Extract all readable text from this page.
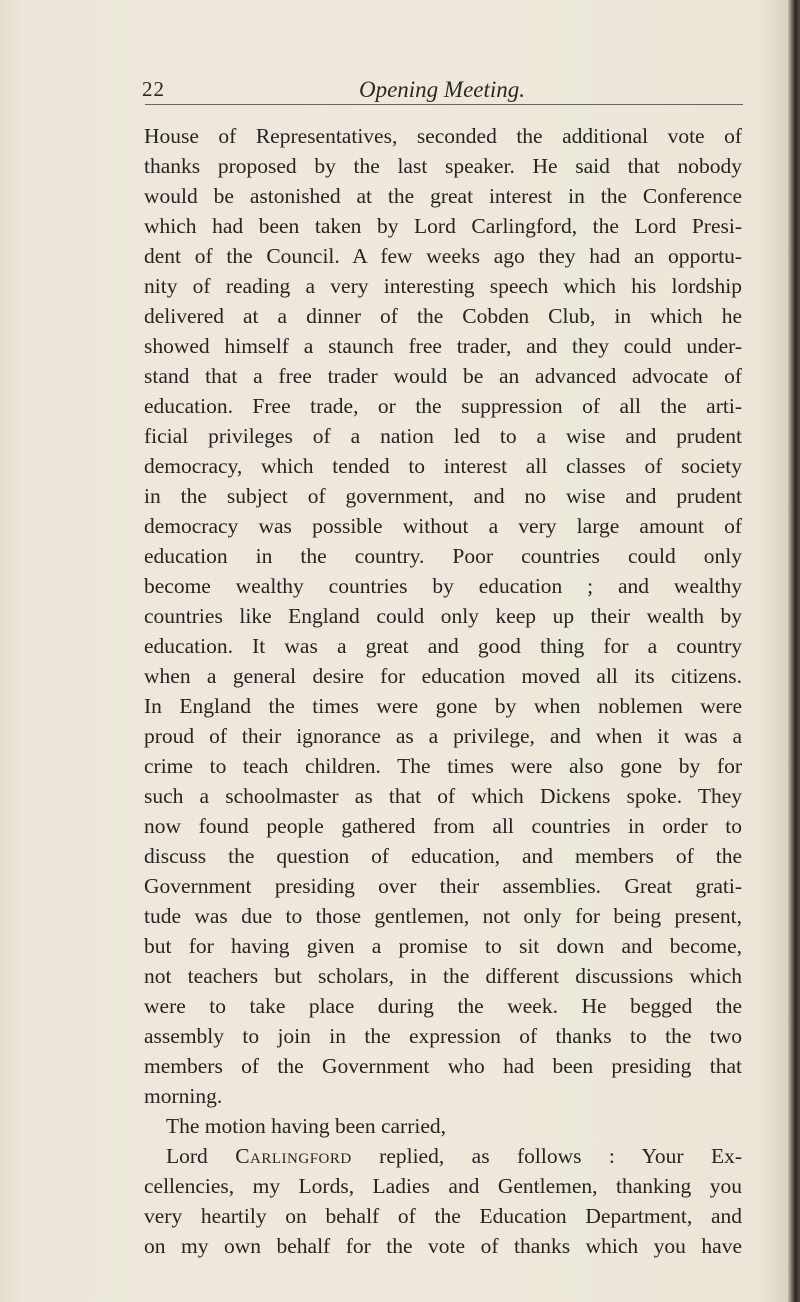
22	Opening Meeting.
House of Representatives, seconded the additional vote of
thanks proposed by the last speaker. He said that nobody
would be astonished at the great interest in the Conference
which had been taken by Lord Carlingford, the Lord Presi-
dent of the Council. A few weeks ago they had an opportu-
nity of reading a very interesting speech which his lordship
delivered at a dinner of the Cobden Club, in which he
showed himself a staunch free trader, and they could under-
stand that a free trader would be an advanced advocate of
education. Free trade, or the suppression of all the arti-
ficial privileges of a nation led to a wise and prudent
democracy, which tended to interest all classes of society
in the subject of government, and no wise and prudent
democracy was possible without a very large amount of
education in the country. Poor countries could only
become wealthy countries by education ; and wealthy
countries like England could only keep up their wealth by
education. It was a great and good thing for a country
when a general desire for education moved all its citizens.
In England the times were gone by when noblemen were
proud of their ignorance as a privilege, and when it was a
crime to teach children. The times were also gone by for
such a schoolmaster as that of which Dickens spoke. They
now found people gathered from all countries in order to
discuss the question of education, and members of the
Government presiding over their assemblies. Great grati-
tude was due to those gentlemen, not only for being present,
but for having given a promise to sit down and become,
not teachers but scholars, in the different discussions which
were to take place during the week. He begged the
assembly to join in the expression of thanks to the two
members of the Government who had been presiding that
morning.
The motion having been carried,
Lord Carlingford replied, as follows : Your Ex-
cellencies, my Lords, Ladies and Gentlemen, thanking you
very heartily on behalf of the Education Department, and
on my own behalf for the vote of thanks which you have
